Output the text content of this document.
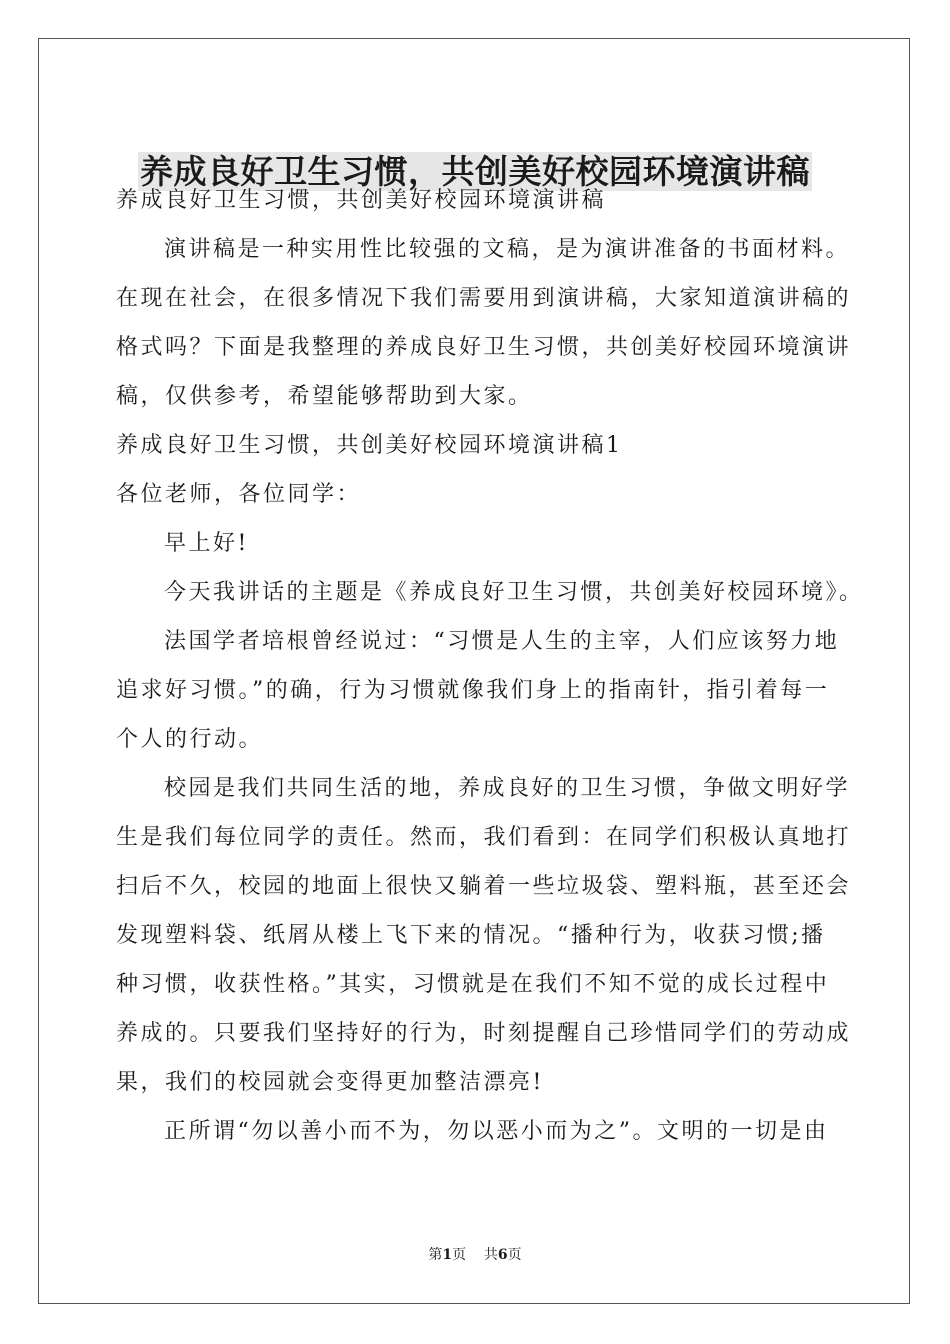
养成良好卫生习惯，共创美好校园环境演讲稿

养成良好卫生习惯，共创美好校园环境演讲稿

演讲稿是一种实用性比较强的文稿，是为演讲准备的书面材料。

在现在社会，在很多情况下我们需要用到演讲稿，大家知道演讲稿的

格式吗？下面是我整理的养成良好卫生习惯，共创美好校园环境演讲

稿，仅供参考，希望能够帮助到大家。

养成良好卫生习惯，共创美好校园环境演讲稿1

各位老师，各位同学：

早上好!

今天我讲话的主题是《养成良好卫生习惯，共创美好校园环境》。

法国学者培根曾经说过：“习惯是人生的主宰，人们应该努力地

追求好习惯。”的确，行为习惯就像我们身上的指南针，指引着每一

个人的行动。

校园是我们共同生活的地，养成良好的卫生习惯，争做文明好学

生是我们每位同学的责任。然而，我们看到：在同学们积极认真地打

扫后不久，校园的地面上很快又躺着一些垃圾袋、塑料瓶，甚至还会

发现塑料袋、纸屑从楼上飞下来的情况。“播种行为，收获习惯;播

种习惯，收获性格。”其实，习惯就是在我们不知不觉的成长过程中

养成的。只要我们坚持好的行为，时刻提醒自己珍惜同学们的劳动成

果，我们的校园就会变得更加整洁漂亮!

正所谓“勿以善小而不为，勿以恶小而为之”。文明的一切是由

第1页 共6页
